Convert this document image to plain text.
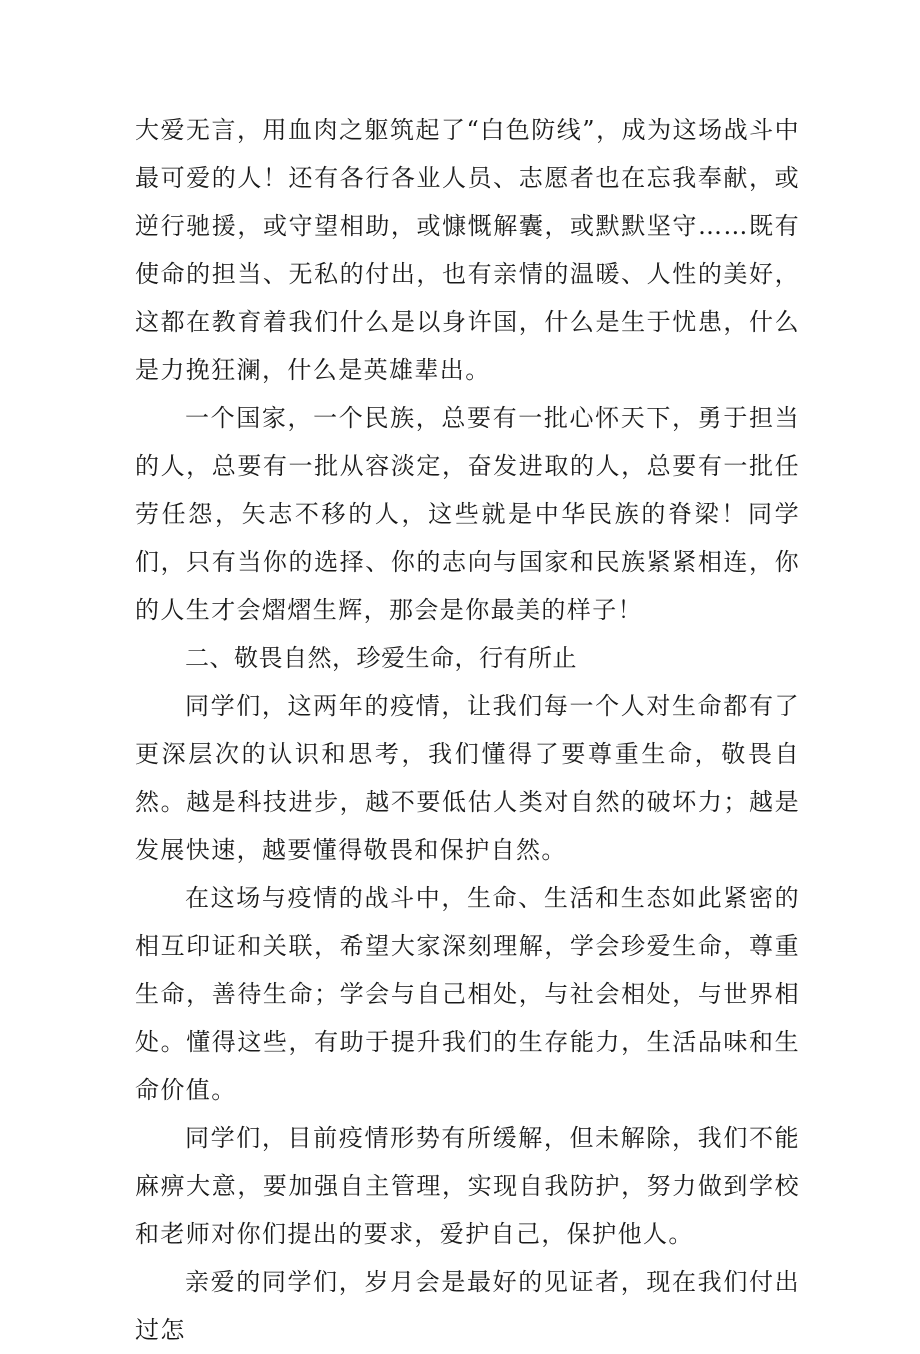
大爱无言，用血肉之躯筑起了“白色防线”，成为这场战斗中最可爱的人！还有各行各业人员、志愿者也在忘我奉献，或逆行驰援，或守望相助，或慷慨解囊，或默默坚守……既有使命的担当、无私的付出，也有亲情的温暖、人性的美好，这都在教育着我们什么是以身许国，什么是生于忧患，什么是力挽狂澜，什么是英雄辈出。

一个国家，一个民族，总要有一批心怀天下，勇于担当的人，总要有一批从容淡定，奋发进取的人，总要有一批任劳任怨，矢志不移的人，这些就是中华民族的脊梁！同学们，只有当你的选择、你的志向与国家和民族紧紧相连，你的人生才会熠熠生辉，那会是你最美的样子！

二、敬畏自然，珍爱生命，行有所止

同学们，这两年的疫情，让我们每一个人对生命都有了更深层次的认识和思考，我们懂得了要尊重生命，敬畏自然。越是科技进步，越不要低估人类对自然的破坏力；越是发展快速，越要懂得敬畏和保护自然。

在这场与疫情的战斗中，生命、生活和生态如此紧密的相互印证和关联，希望大家深刻理解，学会珍爱生命，尊重生命，善待生命；学会与自己相处，与社会相处，与世界相处。懂得这些，有助于提升我们的生存能力，生活品味和生命价值。

同学们，目前疫情形势有所缓解，但未解除，我们不能麻痹大意，要加强自主管理，实现自我防护，努力做到学校和老师对你们提出的要求，爱护自己，保护他人。

亲爱的同学们，岁月会是最好的见证者，现在我们付出过怎
